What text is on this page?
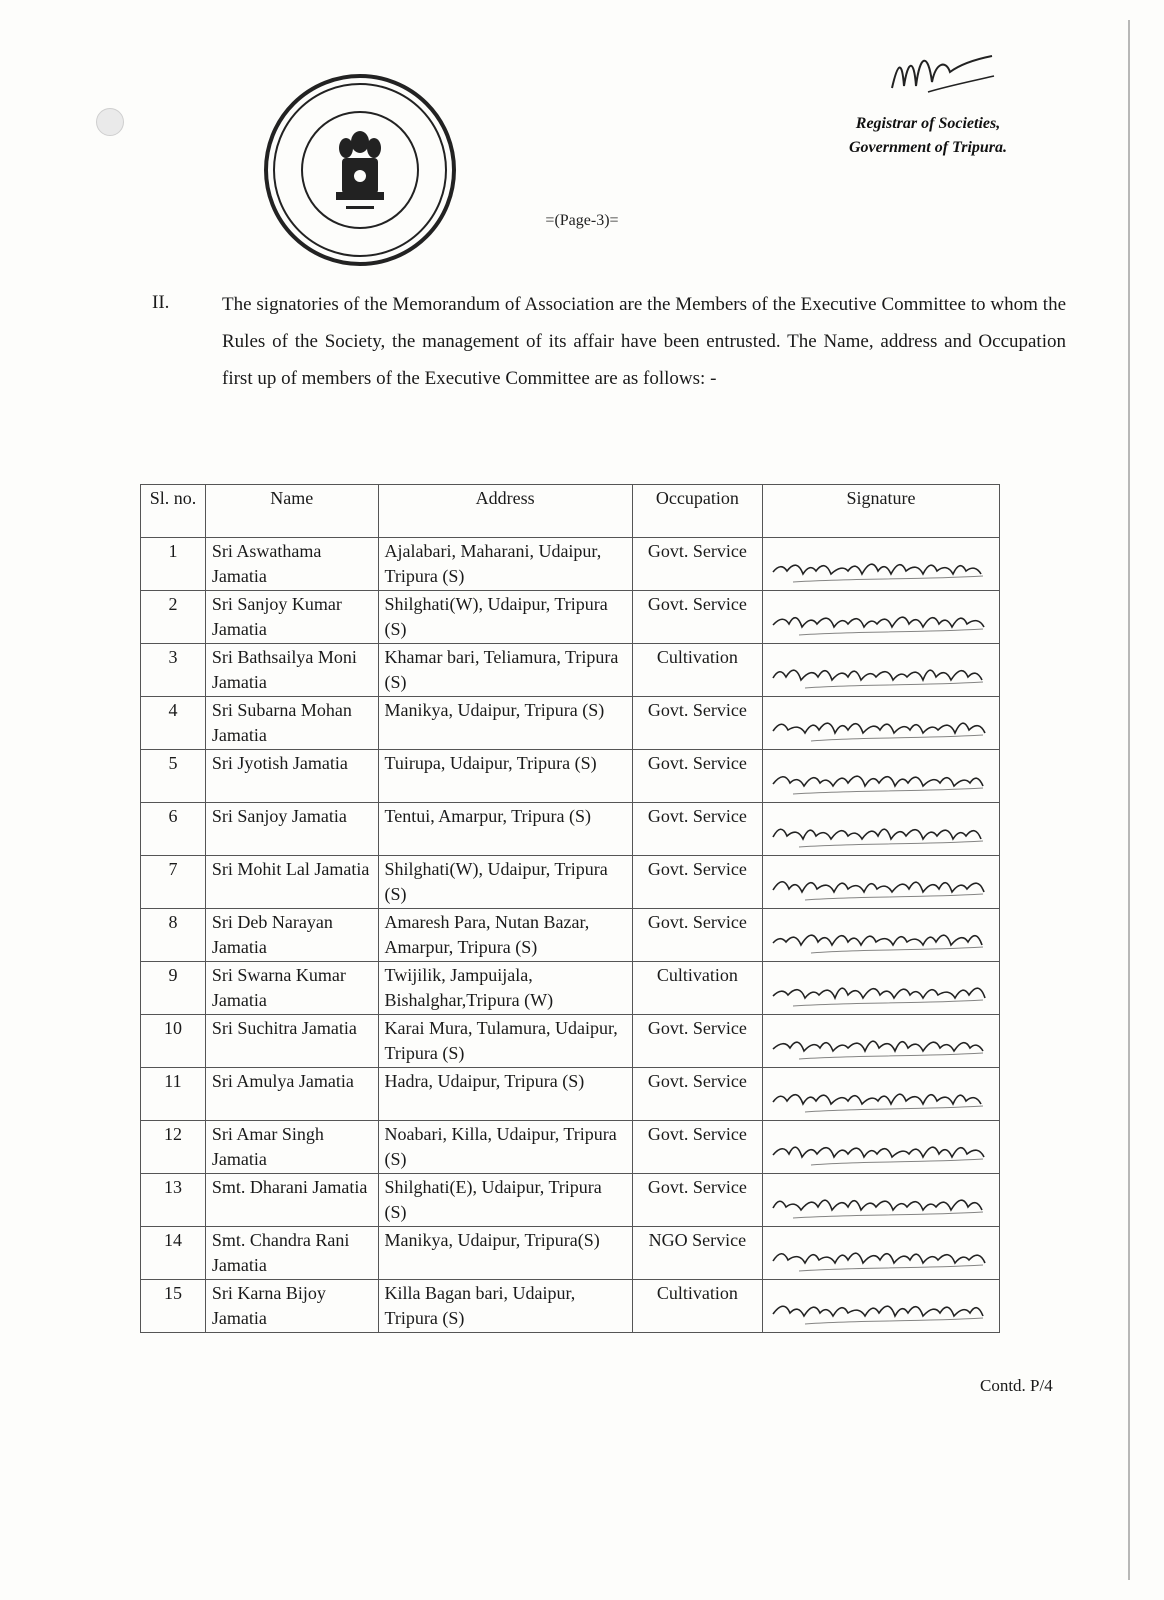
Registrar of Societies,
Government of Tripura.
=(Page-3)=
II.	The signatories of the Memorandum of Association are the Members of the Executive Committee to whom the Rules of the Society, the management of its affair have been entrusted. The Name, address and Occupation first up of members of the Executive Committee are as follows: -
Sl. no.	Name	Address	Occupation	Signature
1	Sri Aswathama Jamatia	Ajalabari, Maharani, Udaipur, Tripura (S)	Govt. Service	

2	Sri Sanjoy Kumar Jamatia	Shilghati(W), Udaipur, Tripura (S)	Govt. Service	

3	Sri Bathsailya Moni Jamatia	Khamar bari, Teliamura, Tripura (S)	Cultivation	

4	Sri Subarna Mohan Jamatia	Manikya, Udaipur, Tripura (S)	Govt. Service	

5	Sri Jyotish Jamatia	Tuirupa, Udaipur, Tripura (S)	Govt. Service	

6	Sri Sanjoy Jamatia	Tentui, Amarpur, Tripura (S)	Govt. Service	

7	Sri Mohit Lal Jamatia	Shilghati(W), Udaipur, Tripura (S)	Govt. Service	

8	Sri Deb Narayan Jamatia	Amaresh Para, Nutan Bazar, Amarpur, Tripura (S)	Govt. Service	

9	Sri Swarna Kumar Jamatia	Twijilik, Jampuijala, Bishalghar,Tripura (W)	Cultivation	

10	Sri Suchitra Jamatia	Karai Mura, Tulamura, Udaipur, Tripura (S)	Govt. Service	

11	Sri Amulya Jamatia	Hadra, Udaipur, Tripura (S)	Govt. Service	

12	Sri Amar Singh Jamatia	Noabari, Killa, Udaipur, Tripura (S)	Govt. Service	

13	Smt. Dharani Jamatia	Shilghati(E), Udaipur, Tripura (S)	Govt. Service	

14	Smt. Chandra Rani Jamatia	Manikya, Udaipur, Tripura(S)	NGO Service	

15	Sri Karna Bijoy Jamatia	Killa Bagan bari, Udaipur, Tripura (S)	Cultivation	
Contd. P/4
